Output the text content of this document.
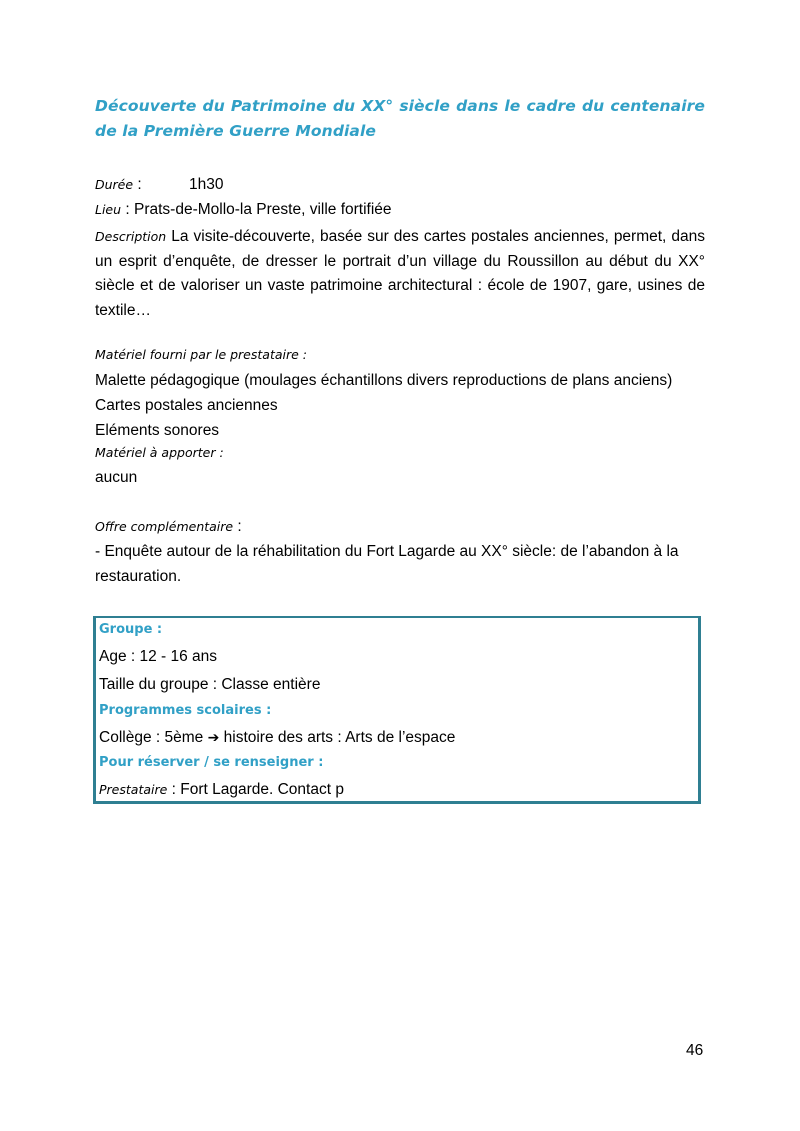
Découverte du Patrimoine du XX° siècle dans le cadre du centenaire de la Première Guerre Mondiale
Durée :	1h30
Lieu : Prats-de-Mollo-la Preste, ville fortifiée
Description La visite-découverte, basée sur des cartes postales anciennes, permet, dans un esprit d’enquête, de dresser le portrait d’un village du Roussillon au début du XX° siècle et de valoriser un vaste patrimoine architectural : école de 1907, gare, usines de textile…
Matériel fourni par le prestataire :
Malette pédagogique (moulages échantillons divers reproductions de plans anciens)
Cartes postales anciennes
Eléments sonores
Matériel à apporter :
aucun
Offre complémentaire :
- Enquête autour de la réhabilitation du Fort Lagarde au XX° siècle: de l’abandon à la
restauration.
Groupe :
Age : 12 - 16 ans
Taille du groupe : Classe entière
Programmes scolaires :
Collège : 5ème ➔ histoire des arts : Arts de l’espace
Pour réserver / se renseigner :
Prestataire : Fort Lagarde. Contact p
46
